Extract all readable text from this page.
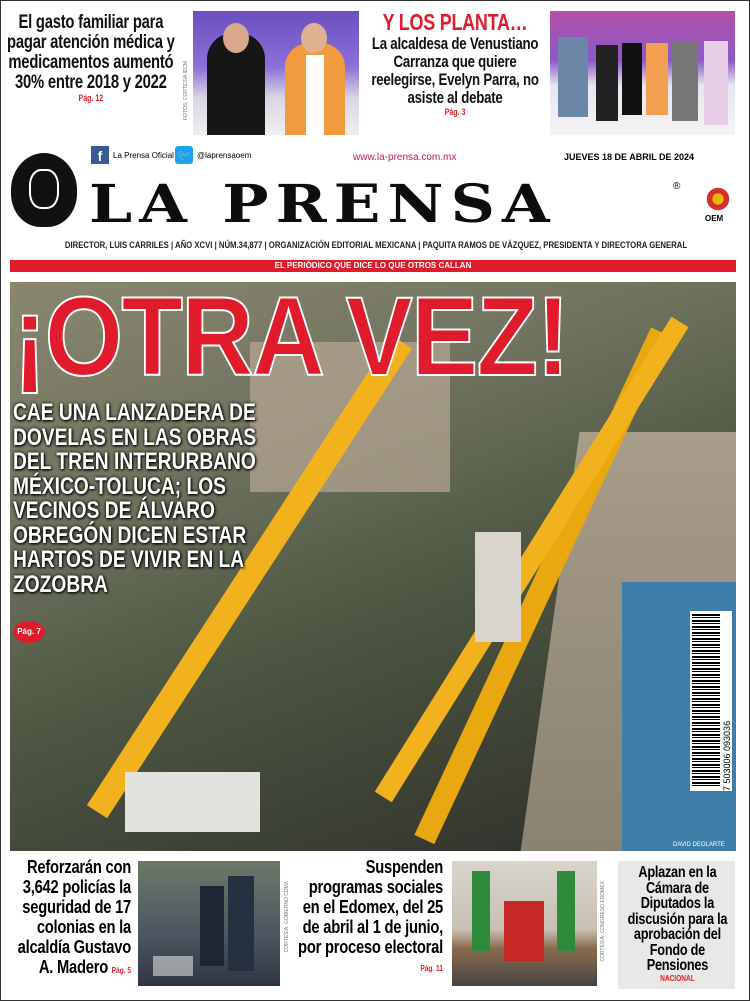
El gasto familiar para pagar atención médica y medicamentos aumentó 30% entre 2018 y 2022
Pág. 12	FOTOS: CORTESÍA IECM
Y LOS PLANTA…
La alcaldesa de Venustiano Carranza que quiere reelegirse, Evelyn Parra, no asiste al debate
Pág. 3
f	La Prensa Oficial 🐦 @laprensaoem	www.la-prensa.com.mx	JUEVES 18 DE ABRIL DE 2024
LA PRENSA	®
OEM
DIRECTOR, LUIS CARRILES | AÑO XCVI | NÚM.34,877 | ORGANIZACIÓN EDITORIAL MEXICANA | PAQUITA RAMOS DE VÁZQUEZ, PRESIDENTA Y DIRECTORA GENERAL
EL PERIÓDICO QUE DICE LO QUE OTROS CALLAN
¡OTRA VEZ!
CAE UNA LANZADERA DE DOVELAS EN LAS OBRAS DEL TREN INTERURBANO MÉXICO-TOLUCA; LOS VECINOS DE ÁLVARO OBREGÓN DICEN ESTAR HARTOS DE VIVIR EN LA ZOZOBRA
Pág. 7
7 503006 093036
DAVID DEOLARTE
Reforzarán con 3,642 policías la seguridad de 17 colonias en la alcaldía Gustavo A. Madero Pág. 5
CORTESÍA: GOBIERNO CDMX
Suspenden programas sociales en el Edomex, del 25 de abril al 1 de junio, por proceso electoral Pág. 11
CORTESÍA: CONGRESO EDOMEX
Aplazan en la Cámara de Diputados la discusión para la aprobación del Fondo de Pensiones
NACIONAL
